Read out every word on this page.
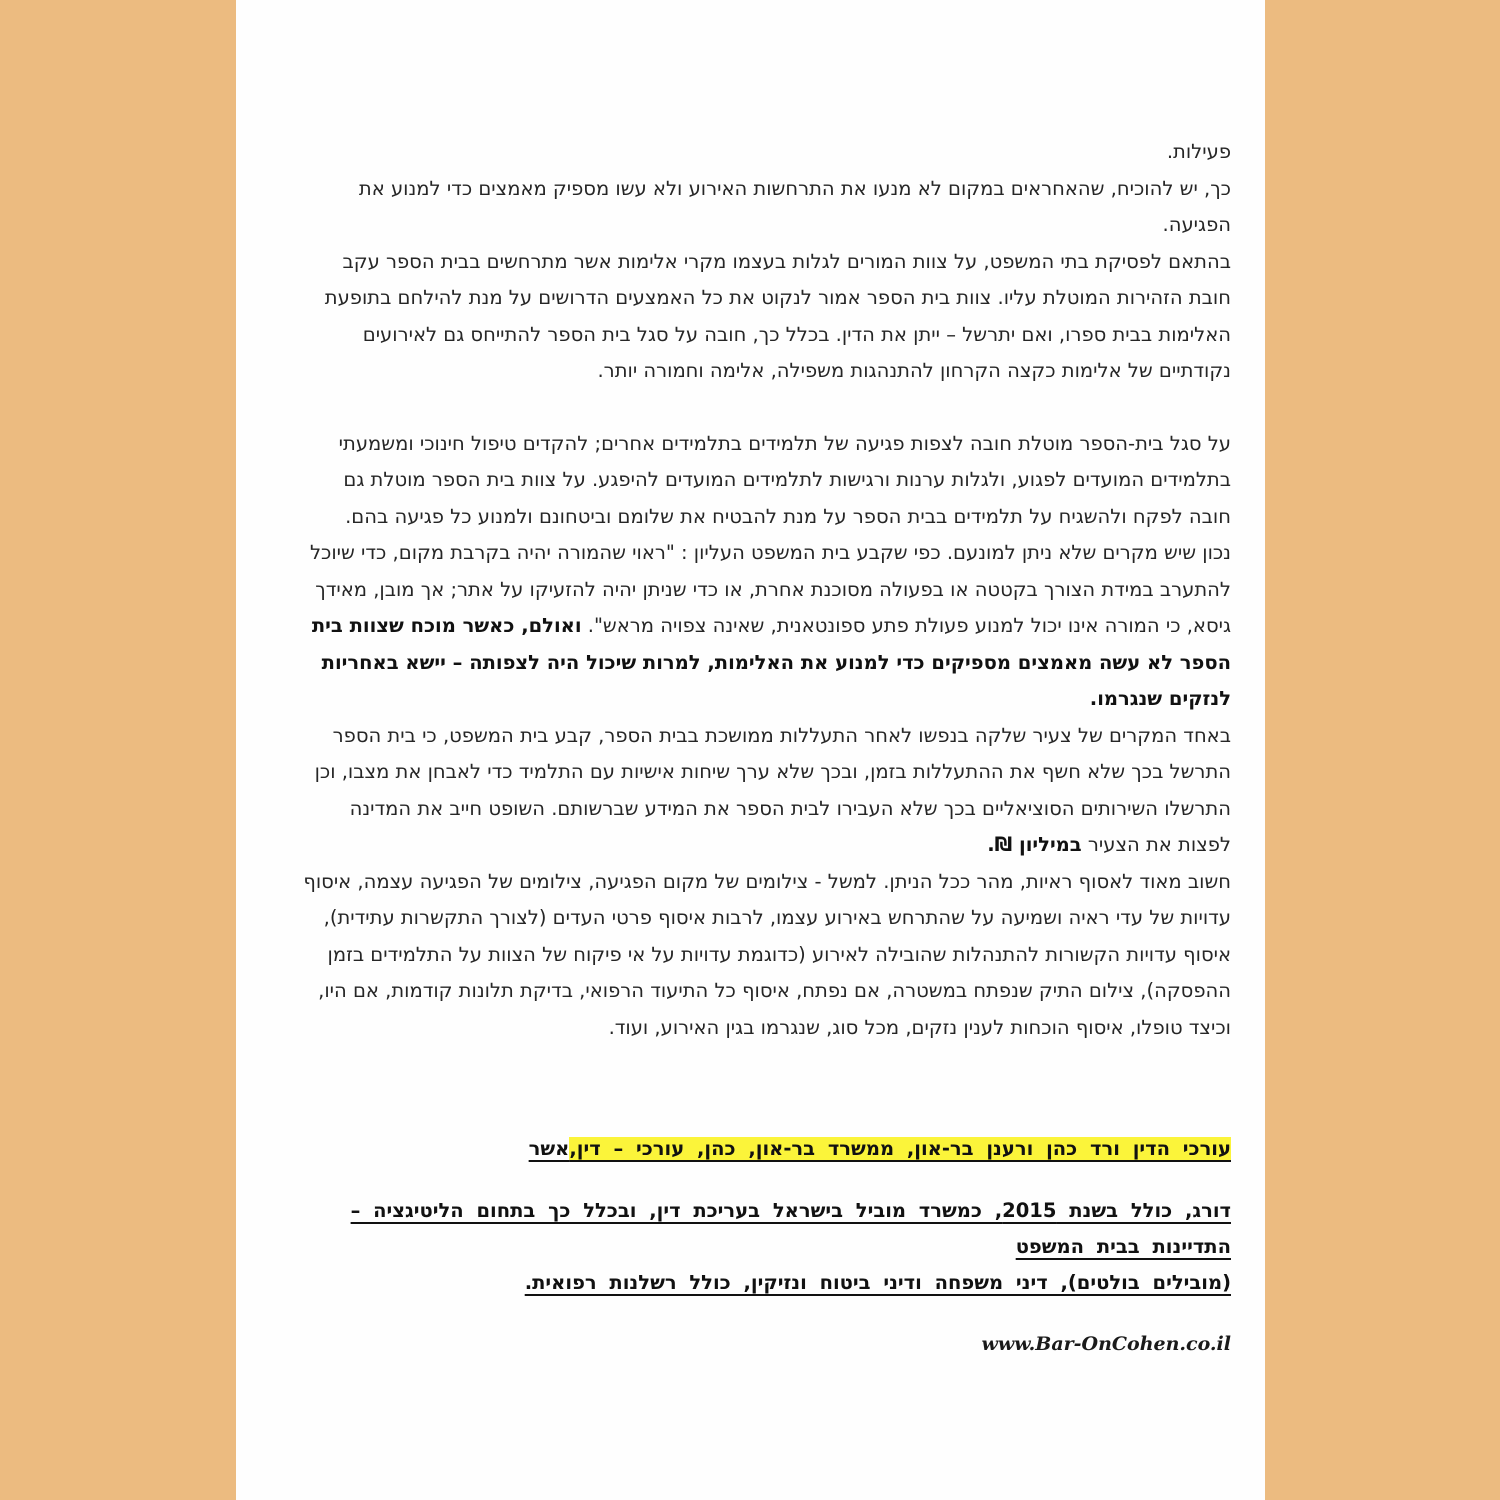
פעילות.

כך, יש להוכיח, שהאחראים במקום לא מנעו את התרחשות האירוע ולא עשו מספיק מאמצים כדי למנוע את הפגיעה.

בהתאם לפסיקת בתי המשפט, על צוות המורים לגלות בעצמו מקרי אלימות אשר מתרחשים בבית הספר עקב חובת הזהירות המוטלת עליו. צוות בית הספר אמור לנקוט את כל האמצעים הדרושים על מנת להילחם בתופעת האלימות בבית ספרו, ואם יתרשל – ייתן את הדין. בכלל כך, חובה על סגל בית הספר להתייחס גם לאירועים נקודתיים של אלימות כקצה הקרחון להתנהגות משפילה, אלימה וחמורה יותר.

על סגל בית-הספר מוטלת חובה לצפות פגיעה של תלמידים בתלמידים אחרים; להקדים טיפול חינוכי ומשמעתי בתלמידים המועדים לפגוע, ולגלות ערנות ורגישות לתלמידים המועדים להיפגע. על צוות בית הספר מוטלת גם חובה לפקח ולהשגיח על תלמידים בבית הספר על מנת להבטיח את שלומם וביטחונם ולמנוע כל פגיעה בהם.

נכון שיש מקרים שלא ניתן למונעם. כפי שקבע בית המשפט העליון : "ראוי שהמורה יהיה בקרבת מקום, כדי שיוכל להתערב במידת הצורך בקטטה או בפעולה מסוכנת אחרת, או כדי שניתן יהיה להזעיקו על אתר; אך מובן, מאידך גיסא, כי המורה אינו יכול למנוע פעולת פתע ספונטאנית, שאינה צפויה מראש". ואולם, כאשר מוכח שצוות בית הספר לא עשה מאמצים מספיקים כדי למנוע את האלימות, למרות שיכול היה לצפותה – יישא באחריות לנזקים שנגרמו.

באחד המקרים של צעיר שלקה בנפשו לאחר התעללות ממושכת בבית הספר, קבע בית המשפט, כי בית הספר התרשל בכך שלא חשף את ההתעללות בזמן, ובכך שלא ערך שיחות אישיות עם התלמיד כדי לאבחן את מצבו, וכן התרשלו השירותים הסוציאליים בכך שלא העבירו לבית הספר את המידע שברשותם. השופט חייב את המדינה לפצות את הצעיר במיליון ₪.

חשוב מאוד לאסוף ראיות, מהר ככל הניתן. למשל - צילומים של מקום הפגיעה, צילומים של הפגיעה עצמה, איסוף עדויות של עדי ראיה ושמיעה על שהתרחש באירוע עצמו, לרבות איסוף פרטי העדים (לצורך התקשרות עתידית), איסוף עדויות הקשורות להתנהלות שהובילה לאירוע (כדוגמת עדויות על אי פיקוח של הצוות על התלמידים בזמן ההפסקה), צילום התיק שנפתח במשטרה, אם נפתח, איסוף כל התיעוד הרפואי, בדיקת תלונות קודמות, אם היו, וכיצד טופלו, איסוף הוכחות לענין נזקים, מכל סוג, שנגרמו בגין האירוע, ועוד.

עורכי הדין ורד כהן ורענן בר-און, ממשרד בר-און, כהן, עורכי – דין,אשר

דורג, כולל בשנת 2015, כמשרד מוביל בישראל בעריכת דין, ובכלל כך בתחום הליטיגציה – התדיינות בבית המשפט

(מובילים בולטים), דיני משפחה ודיני ביטוח ונזיקין, כולל רשלנות רפואית.

www.Bar-OnCohen.co.il
